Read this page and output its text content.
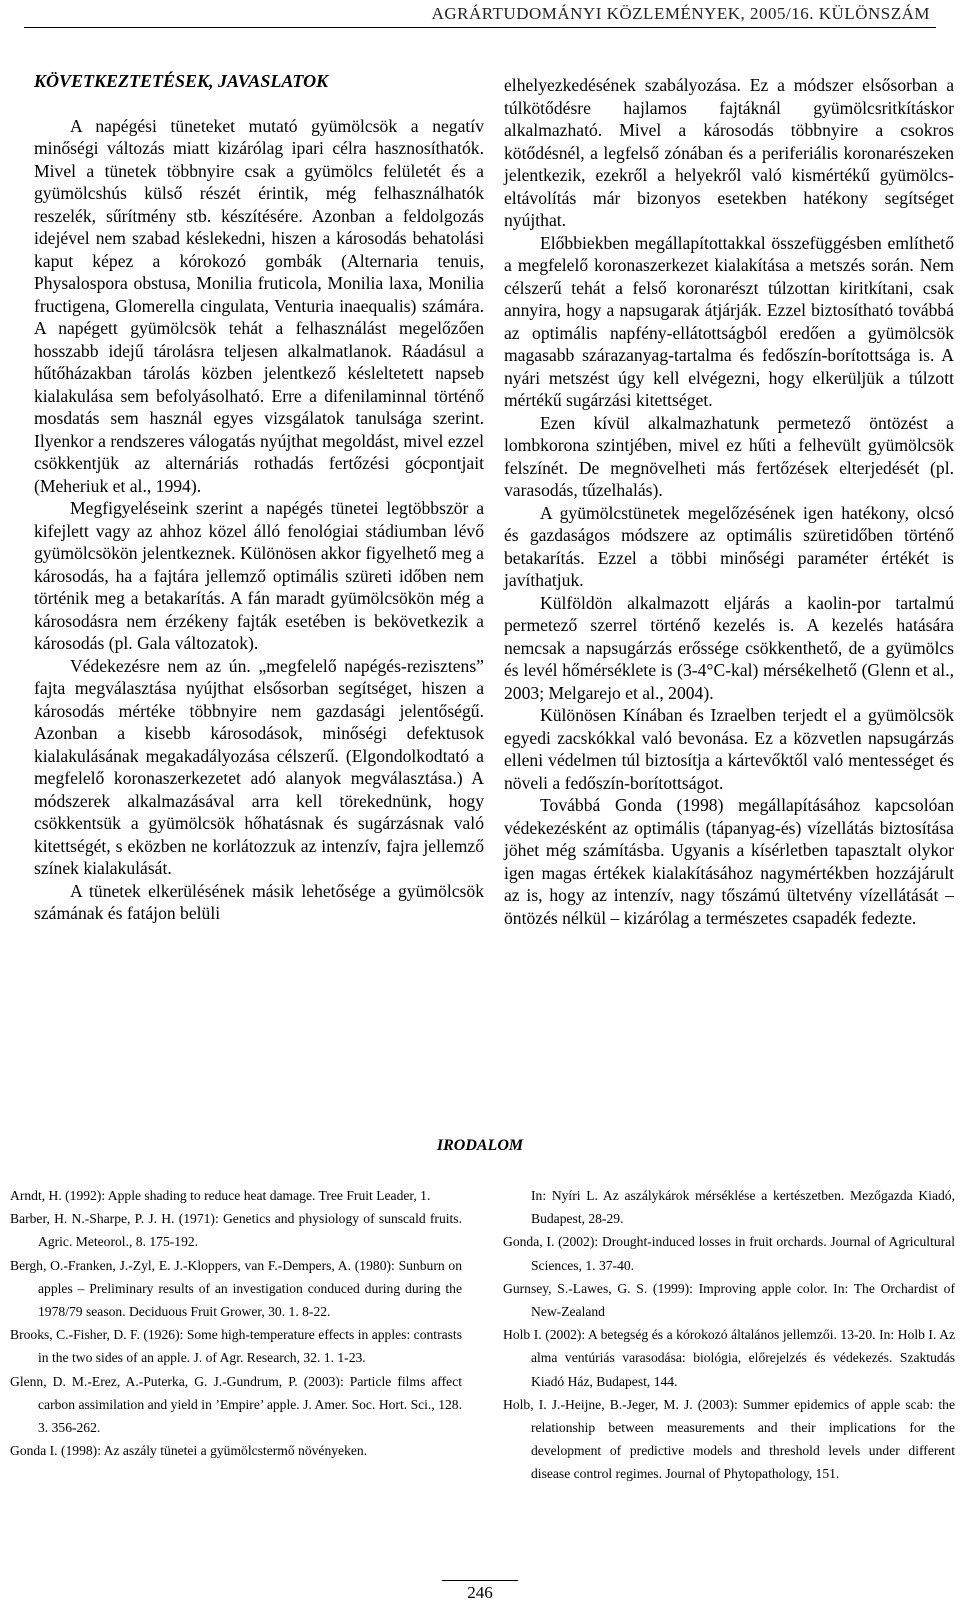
AGRÁRTUDOMÁNYI KÖZLEMÉNYEK, 2005/16. KÜLÖNSZÁM
KÖVETKEZTETÉSEK, JAVASLATOK

A napégési tüneteket mutató gyümölcsök a negatív minőségi változás miatt kizárólag ipari célra hasznosíthatók. Mivel a tünetek többnyire csak a gyümölcs felületét és a gyümölcshús külső részét érintik, még felhasználhatók reszelék, sűrítmény stb. készítésére. Azonban a feldolgozás idejével nem szabad késlekedni, hiszen a károsodás behatolási kaput képez a kórokozó gombák (Alternaria tenuis, Physalospora obstusa, Monilia fruticola, Monilia laxa, Monilia fructigena, Glomerella cingulata, Venturia inaequalis) számára. A napégett gyümölcsök tehát a felhasználást megelőzően hosszabb idejű tárolásra teljesen alkalmatlanok. Ráadásul a hűtőházakban tárolás közben jelentkező késleltetett napseb kialakulása sem befolyásolható. Erre a difenilaminnal történő mosdatás sem használ egyes vizsgálatok tanulsága szerint. Ilyenkor a rendszeres válogatás nyújthat megoldást, mivel ezzel csökkentjük az alternáriás rothadás fertőzési gócpontjait (Meheriuk et al., 1994).

Megfigyeléseink szerint a napégés tünetei legtöbbször a kifejlett vagy az ahhoz közel álló fenológiai stádiumban lévő gyümölcsökön jelentkeznek. Különösen akkor figyelhető meg a károsodás, ha a fajtára jellemző optimális szüreti időben nem történik meg a betakarítás. A fán maradt gyümölcsökön még a károsodásra nem érzékeny fajták esetében is bekövetkezik a károsodás (pl. Gala változatok).

Védekezésre nem az ún. „megfelelő napégés-rezisztens” fajta megválasztása nyújthat elsősorban segítséget, hiszen a károsodás mértéke többnyire nem gazdasági jelentőségű. Azonban a kisebb károsodások, minőségi defektusok kialakulásának megakadályozása célszerű. (Elgondolkodtató a megfelelő koronaszerkezetet adó alanyok megválasztása.) A módszerek alkalmazásával arra kell törekednünk, hogy csökkentsük a gyümölcsök hőhatásnak és sugárzásnak való kitettségét, s eközben ne korlátozzuk az intenzív, fajra jellemző színek kialakulását.

A tünetek elkerülésének másik lehetősége a gyümölcsök számának és fatájon belüli

elhelyezkedésének szabályozása. Ez a módszer elsősorban a túlkötődésre hajlamos fajtáknál gyümölcsritkításkor alkalmazható. Mivel a károsodás többnyire a csokros kötődésnél, a legfelső zónában és a periferiális koronarészeken jelentkezik, ezekről a helyekről való kismértékű gyümölcs-eltávolítás már bizonyos esetekben hatékony segítséget nyújthat.

Előbbiekben megállapítottakkal összefüggésben említhető a megfelelő koronaszerkezet kialakítása a metszés során. Nem célszerű tehát a felső koronarészt túlzottan kiritkítani, csak annyira, hogy a napsugarak átjárják. Ezzel biztosítható továbbá az optimális napfény-ellátottságból eredően a gyümölcsök magasabb szárazanyag-tartalma és fedőszín-borítottsága is. A nyári metszést úgy kell elvégezni, hogy elkerüljük a túlzott mértékű sugárzási kitettséget.

Ezen kívül alkalmazhatunk permetező öntözést a lombkorona szintjében, mivel ez hűti a felhevült gyümölcsök felszínét. De megnövelheti más fertőzések elterjedését (pl. varasodás, tűzelhalás).

A gyümölcstünetek megelőzésének igen hatékony, olcsó és gazdaságos módszere az optimális szüretidőben történő betakarítás. Ezzel a többi minőségi paraméter értékét is javíthatjuk.

Külföldön alkalmazott eljárás a kaolin-por tartalmú permetező szerrel történő kezelés is. A kezelés hatására nemcsak a napsugárzás erőssége csökkenthető, de a gyümölcs és levél hőmérséklete is (3-4°C-kal) mérsékelhető (Glenn et al., 2003; Melgarejo et al., 2004).

Különösen Kínában és Izraelben terjedt el a gyümölcsök egyedi zacskókkal való bevonása. Ez a közvetlen napsugárzás elleni védelmen túl biztosítja a kártevőktől való mentességet és növeli a fedőszín-borítottságot.

Továbbá Gonda (1998) megállapításához kapcsolóan védekezésként az optimális (tápanyag-és) vízellátás biztosítása jöhet még számításba. Ugyanis a kísérletben tapasztalt olykor igen magas értékek kialakításához nagymértékben hozzájárult az is, hogy az intenzív, nagy tőszámú ültetvény vízellátását – öntözés nélkül – kizárólag a természetes csapadék fedezte.

IRODALOM

Arndt, H. (1992): Apple shading to reduce heat damage. Tree Fruit Leader, 1.

Barber, H. N.-Sharpe, P. J. H. (1971): Genetics and physiology of sunscald fruits. Agric. Meteorol., 8. 175-192.

Bergh, O.-Franken, J.-Zyl, E. J.-Kloppers, van F.-Dempers, A. (1980): Sunburn on apples – Preliminary results of an investigation conduced during during the 1978/79 season. Deciduous Fruit Grower, 30. 1. 8-22.

Brooks, C.-Fisher, D. F. (1926): Some high-temperature effects in apples: contrasts in the two sides of an apple. J. of Agr. Research, 32. 1. 1-23.

Glenn, D. M.-Erez, A.-Puterka, G. J.-Gundrum, P. (2003): Particle films affect carbon assimilation and yield in ’Empire’ apple. J. Amer. Soc. Hort. Sci., 128. 3. 356-262.

Gonda I. (1998): Az aszály tünetei a gyümölcstermő növényeken.

In: Nyíri L. Az aszálykárok mérséklése a kertészetben. Mezőgazda Kiadó, Budapest, 28-29.

Gonda, I. (2002): Drought-induced losses in fruit orchards. Journal of Agricultural Sciences, 1. 37-40.

Gurnsey, S.-Lawes, G. S. (1999): Improving apple color. In: The Orchardist of New-Zealand

Holb I. (2002): A betegség és a kórokozó általános jellemzői. 13-20. In: Holb I. Az alma ventúriás varasodása: biológia, előrejelzés és védekezés. Szaktudás Kiadó Ház, Budapest, 144.

Holb, I. J.-Heijne, B.-Jeger, M. J. (2003): Summer epidemics of apple scab: the relationship between measurements and their implications for the development of predictive models and threshold levels under different disease control regimes. Journal of Phytopathology, 151.

246
